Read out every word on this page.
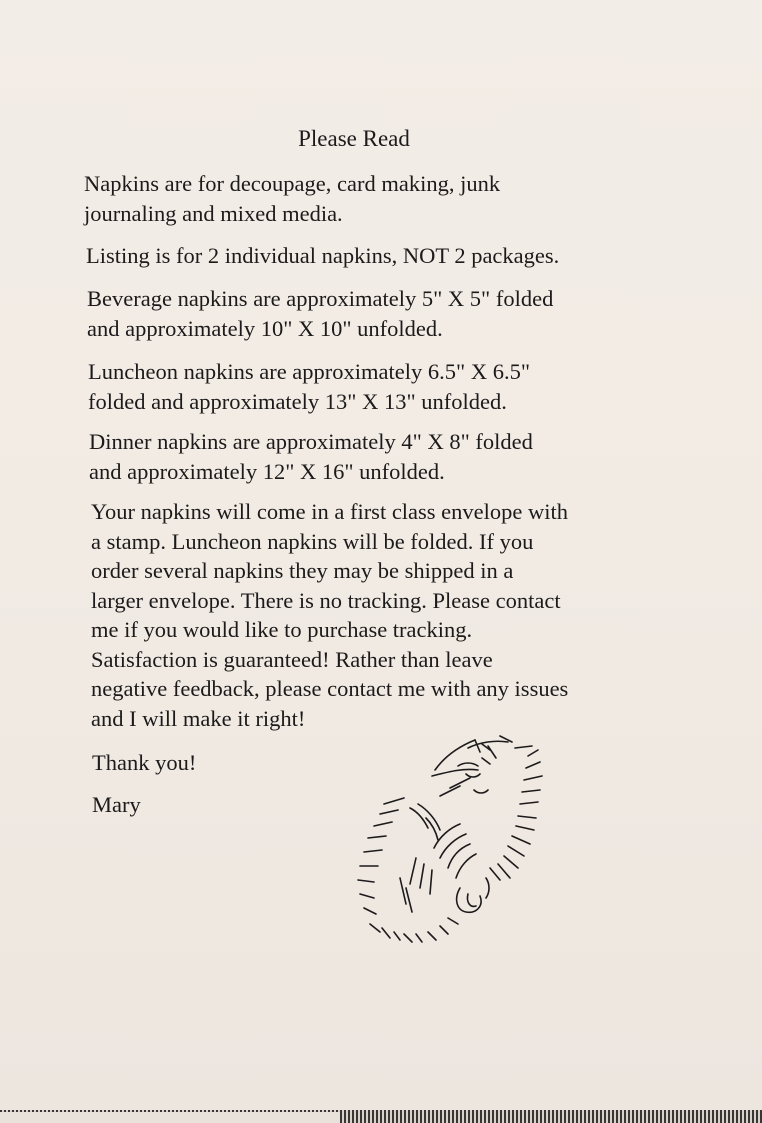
Please Read

Napkins are for decoupage, card making, junk
journaling and mixed media.

Listing is for 2 individual napkins, NOT 2 packages.

Beverage napkins are approximately 5" X 5" folded
and approximately 10" X 10" unfolded.

Luncheon napkins are approximately 6.5" X 6.5"
folded and approximately 13" X 13" unfolded.

Dinner napkins are approximately 4" X 8" folded
and approximately 12" X 16" unfolded.

Your napkins will come in a first class envelope with
a stamp. Luncheon napkins will be folded. If you
order several napkins they may be shipped in a
larger envelope. There is no tracking. Please contact
me if you would like to purchase tracking.
Satisfaction is guaranteed! Rather than leave
negative feedback, please contact me with any issues
and I will make it right!

Thank you!

Mary
